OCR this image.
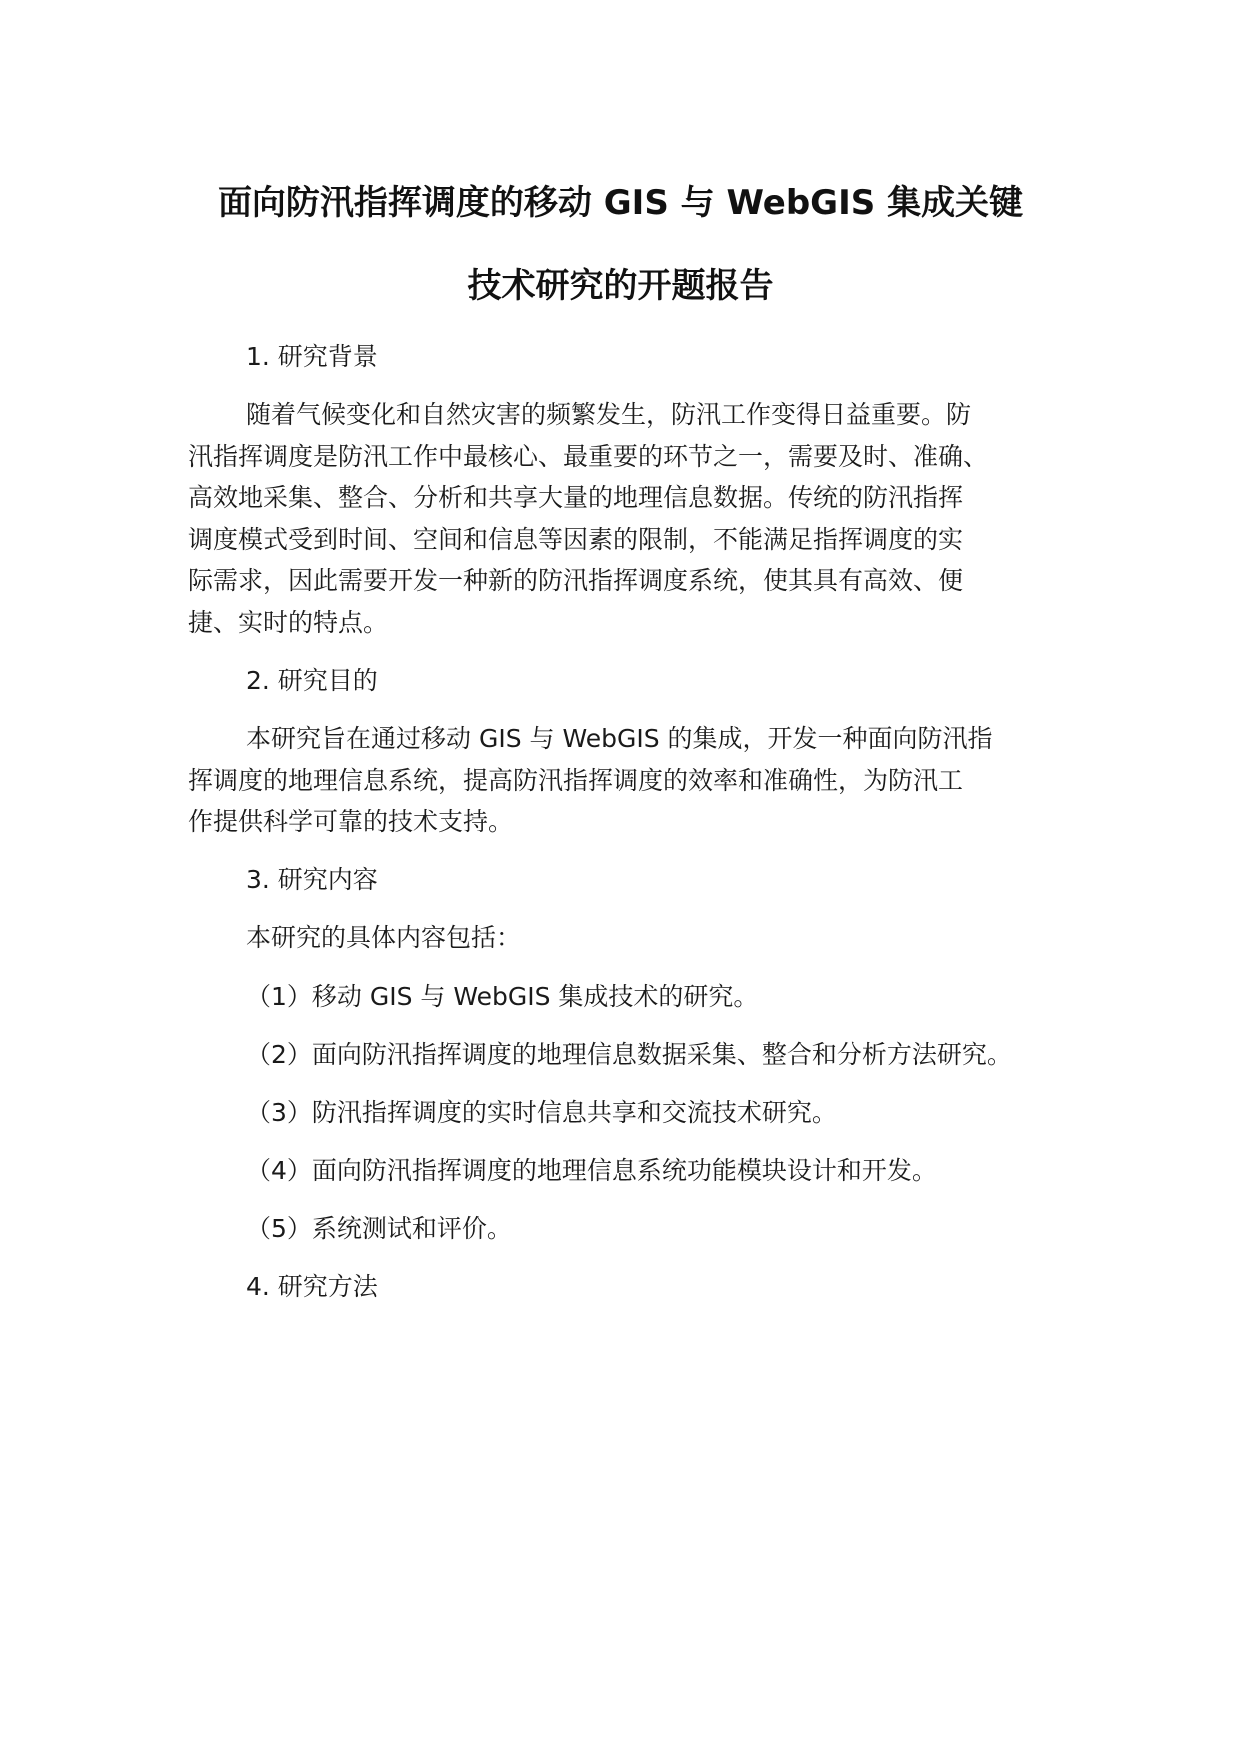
面向防汛指挥调度的移动 GIS 与 WebGIS 集成关键
技术研究的开题报告
1. 研究背景
随着气候变化和自然灾害的频繁发生，防汛工作变得日益重要。防
汛指挥调度是防汛工作中最核心、最重要的环节之一，需要及时、准确、
高效地采集、整合、分析和共享大量的地理信息数据。传统的防汛指挥
调度模式受到时间、空间和信息等因素的限制，不能满足指挥调度的实
际需求，因此需要开发一种新的防汛指挥调度系统，使其具有高效、便
捷、实时的特点。
2. 研究目的
本研究旨在通过移动 GIS 与 WebGIS 的集成，开发一种面向防汛指
挥调度的地理信息系统，提高防汛指挥调度的效率和准确性，为防汛工
作提供科学可靠的技术支持。
3. 研究内容
本研究的具体内容包括：
（1）移动 GIS 与 WebGIS 集成技术的研究。
（2）面向防汛指挥调度的地理信息数据采集、整合和分析方法研究。
（3）防汛指挥调度的实时信息共享和交流技术研究。
（4）面向防汛指挥调度的地理信息系统功能模块设计和开发。
（5）系统测试和评价。
4. 研究方法
